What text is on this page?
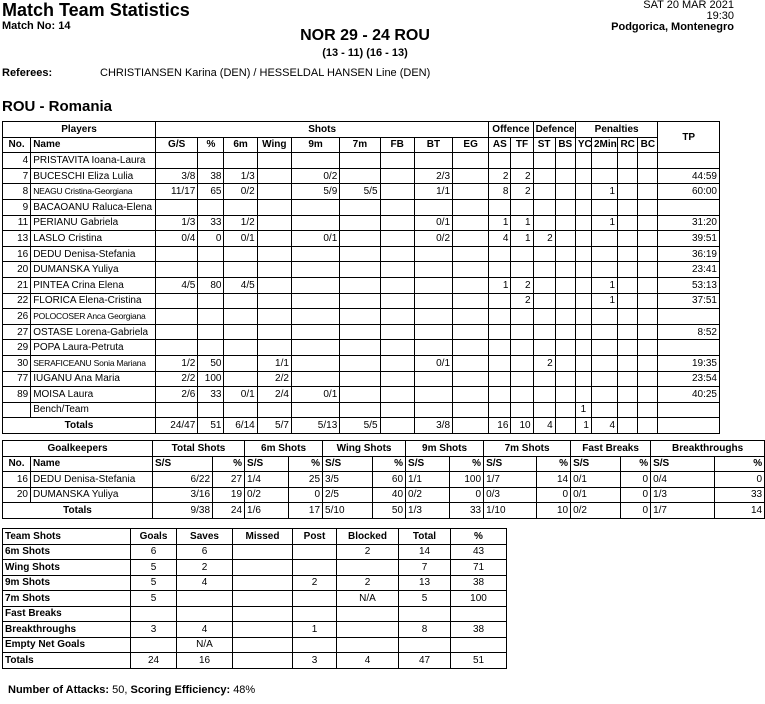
Match Team Statistics
Match No: 14
SAT 20 MAR 2021
19:30
Podgorica, Montenegro
NOR 29 - 24 ROU
(13 - 11) (16 - 13)
Referees:	CHRISTIANSEN Karina (DEN) / HESSELDAL HANSEN Line (DEN)
ROU - Romania
Players		Shots									Offence		Defence		Penalties				TP
No.	Name	G/S	%	6m	Wing	9m	7m	FB	BT	EG	AS	TF	ST	BS	YC	2Min	RC	BC	
4	PRISTAVITA Ioana-Laura																		
7	BUCESCHI Eliza Lulia	3/8	38	1/3		0/2			2/3		2	2							44:59
8	NEAGU Cristina-Georgiana	11/17	65	0/2		5/9	5/5		1/1		8	2				1			60:00
9	BACAOANU Raluca-Elena																		
11	PERIANU Gabriela	1/3	33	1/2					0/1		1	1				1			31:20
13	LASLO Cristina	0/4	0	0/1		0/1			0/2		4	1	2						39:51
16	DEDU Denisa-Stefania																		36:19
20	DUMANSKA Yuliya																		23:41
21	PINTEA Crina Elena	4/5	80	4/5							1	2				1			53:13
22	FLORICA Elena-Cristina											2				1			37:51
26	POLOCOSER Anca Georgiana																		
27	OSTASE Lorena-Gabriela																		8:52
29	POPA Laura-Petruta																		
30	SERAFICEANU Sonia Mariana	1/2	50		1/1				0/1				2						19:35
77	IUGANU Ana Maria	2/2	100		2/2														23:54
89	MOISA Laura	2/6	33	0/1	2/4	0/1													40:25
	Bench/Team														1				
Totals		24/47	51	6/14	5/7	5/13	5/5		3/8		16	10	4		1	4			
Goalkeepers		Total Shots		6m Shots		Wing Shots		9m Shots		7m Shots		Fast Breaks		Breakthroughs	
No.	Name	S/S	%	S/S	%	S/S	%	S/S	%	S/S	%	S/S	%	S/S	%
16	DEDU Denisa-Stefania	6/22	27	1/4	25	3/5	60	1/1	100	1/7	14	0/1	0	0/4	0
20	DUMANSKA Yuliya	3/16	19	0/2	0	2/5	40	0/2	0	0/3	0	0/1	0	1/3	33
Totals		9/38	24	1/6	17	5/10	50	1/3	33	1/10	10	0/2	0	1/7	14
Team Shots	Goals	Saves	Missed	Post	Blocked	Total	%
6m Shots	6	6			2	14	43
Wing Shots	5	2				7	71
9m Shots	5	4		2	2	13	38
7m Shots	5				N/A	5	100
Fast Breaks							
Breakthroughs	3	4		1		8	38
Empty Net Goals		N/A					
Totals	24	16		3	4	47	51
Number of Attacks: 50, Scoring Efficiency: 48%
